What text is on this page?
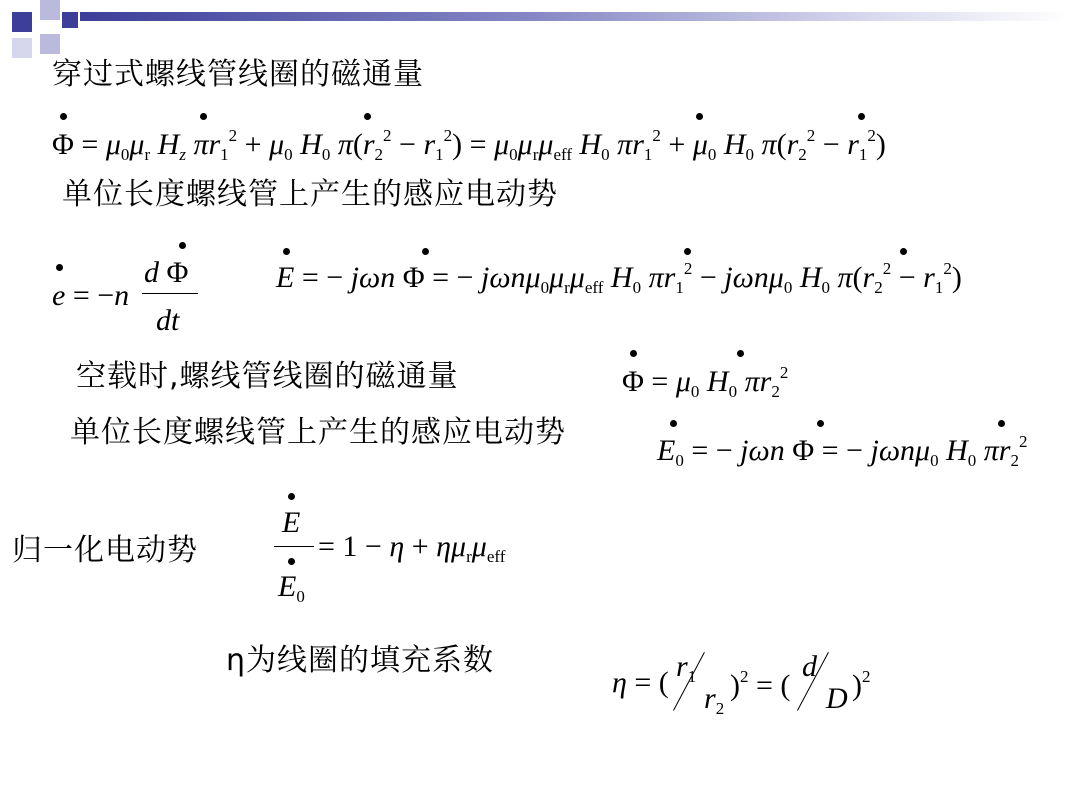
穿过式螺线管线圈的磁通量
$\Phi = \mu_0\mu_r$ $H_z$ $\pi r_1^2 + \mu_0$ $H_0$ $\pi(r_2^2 - r_1^2) = \mu_0\mu_r\mu_{eff}$ $H_0$ $\pi r_1^2 + \mu_0$ $H_0$ $\pi(r_2^2 - r_1^2)$
单位长度螺线管上产生的感应电动势
e = −n
d Φ
dt
E = − jωn Φ = − $j\omega n\mu_0\mu_r\mu_{eff}$ $H_0$ $\pi r_1^2 - j\omega n\mu_0$ $H_0$ $\pi(r_2^2 - r_1^2)$
空载时,螺线管线圈的磁通量	$\Phi = \mu_0$ $H_0$ $\pi r_2^2$
单位长度螺线管上产生的感应电动势
$E_0$ = − jωn Φ = − jωnμ$_0$ $H_0$ $\pi r_2^2$
归一化电动势
E
$E_0$
= $1 - \eta + \eta\mu_r\mu_{eff}$
η为线圈的填充系数
η = ( $r_1$
$r_2$
)$^2$ = (
d
D )$^2$
